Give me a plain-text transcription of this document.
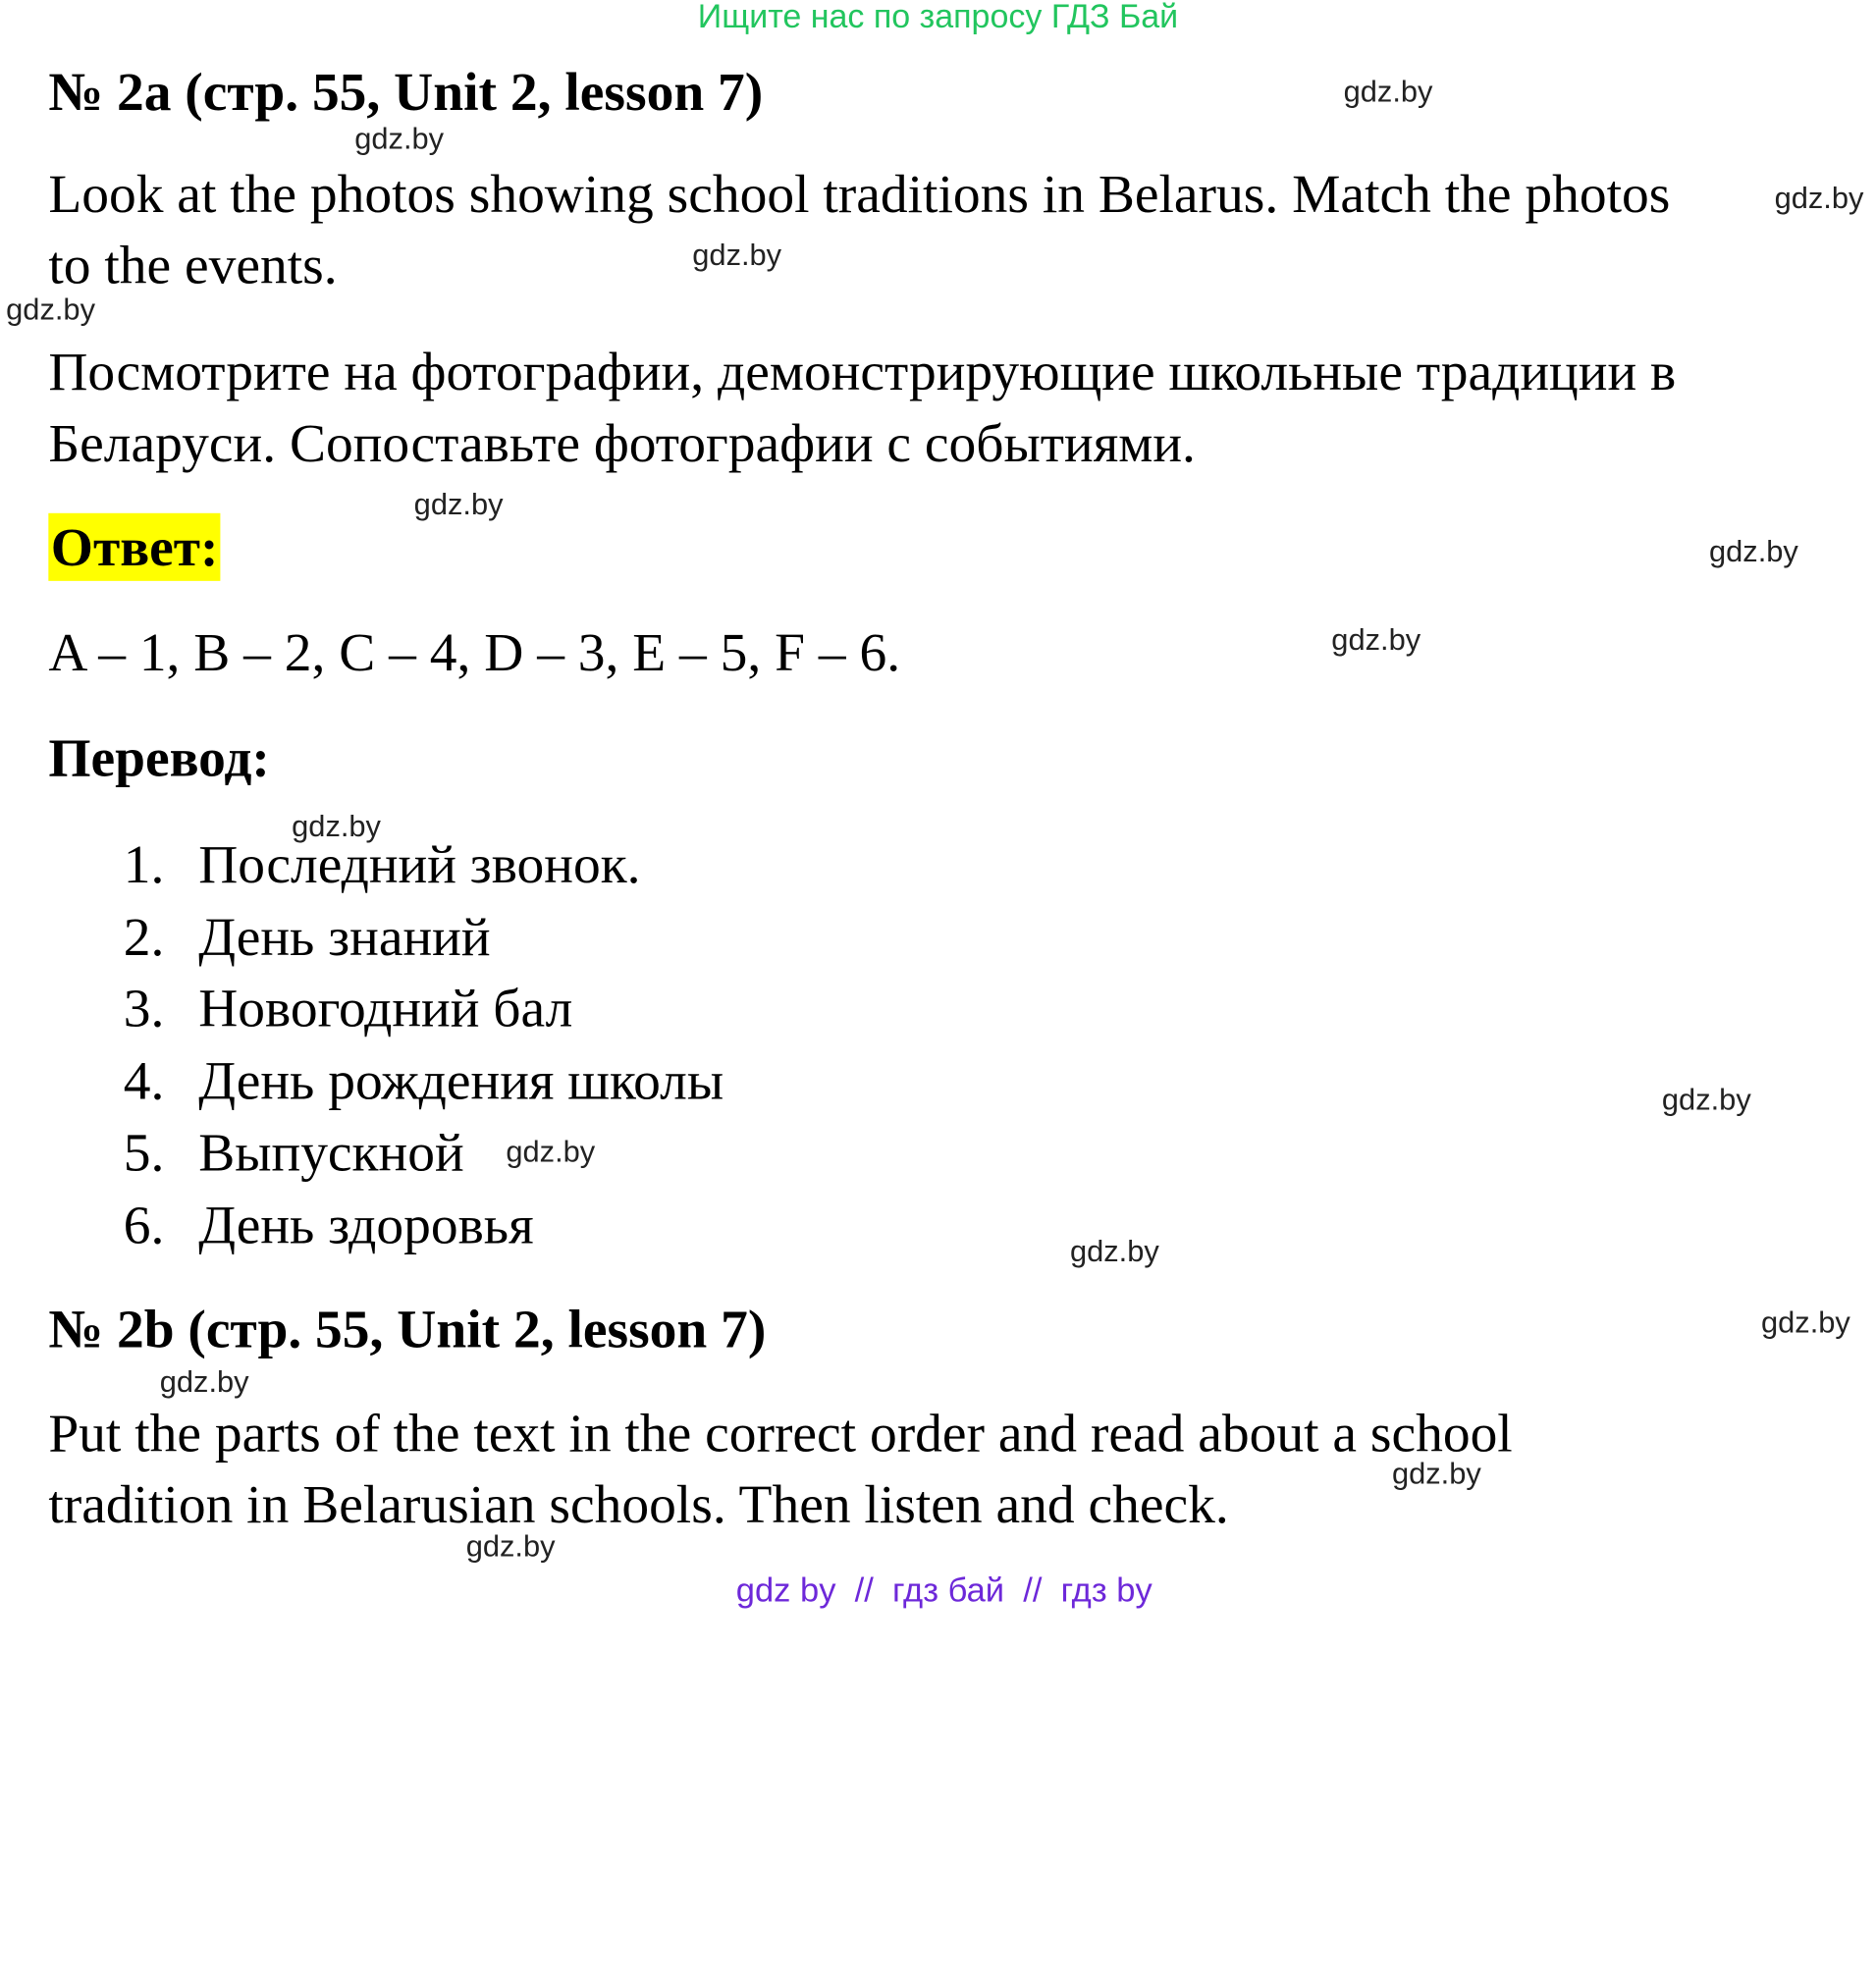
Ищите нас по запросу ГДЗ Бай
№ 2a (стр. 55, Unit 2, lesson 7)
Look at the photos showing school traditions in Belarus. Match the photos
to the events.
Посмотрите на фотографии, демонстрирующие школьные традиции в
Беларуси. Сопоставьте фотографии с событиями.
Ответ:
A – 1, B – 2, C – 4, D – 3, E – 5, F – 6.
Перевод:
1. Последний звонок.
2. День знаний
3. Новогодний бал
4. День рождения школы
5. Выпускной
6. День здоровья
№ 2b (стр. 55, Unit 2, lesson 7)
Put the parts of the text in the correct order and read about a school
tradition in Belarusian schools. Then listen and check.
gdz.by
gdz.by
gdz.by
gdz.by
gdz.by
gdz.by
gdz.by
gdz.by
gdz.by
gdz.by
gdz.by
gdz.by
gdz.by
gdz.by
gdz.by
gdz.by
gdz by  //  гдз бай  //  гдз by
